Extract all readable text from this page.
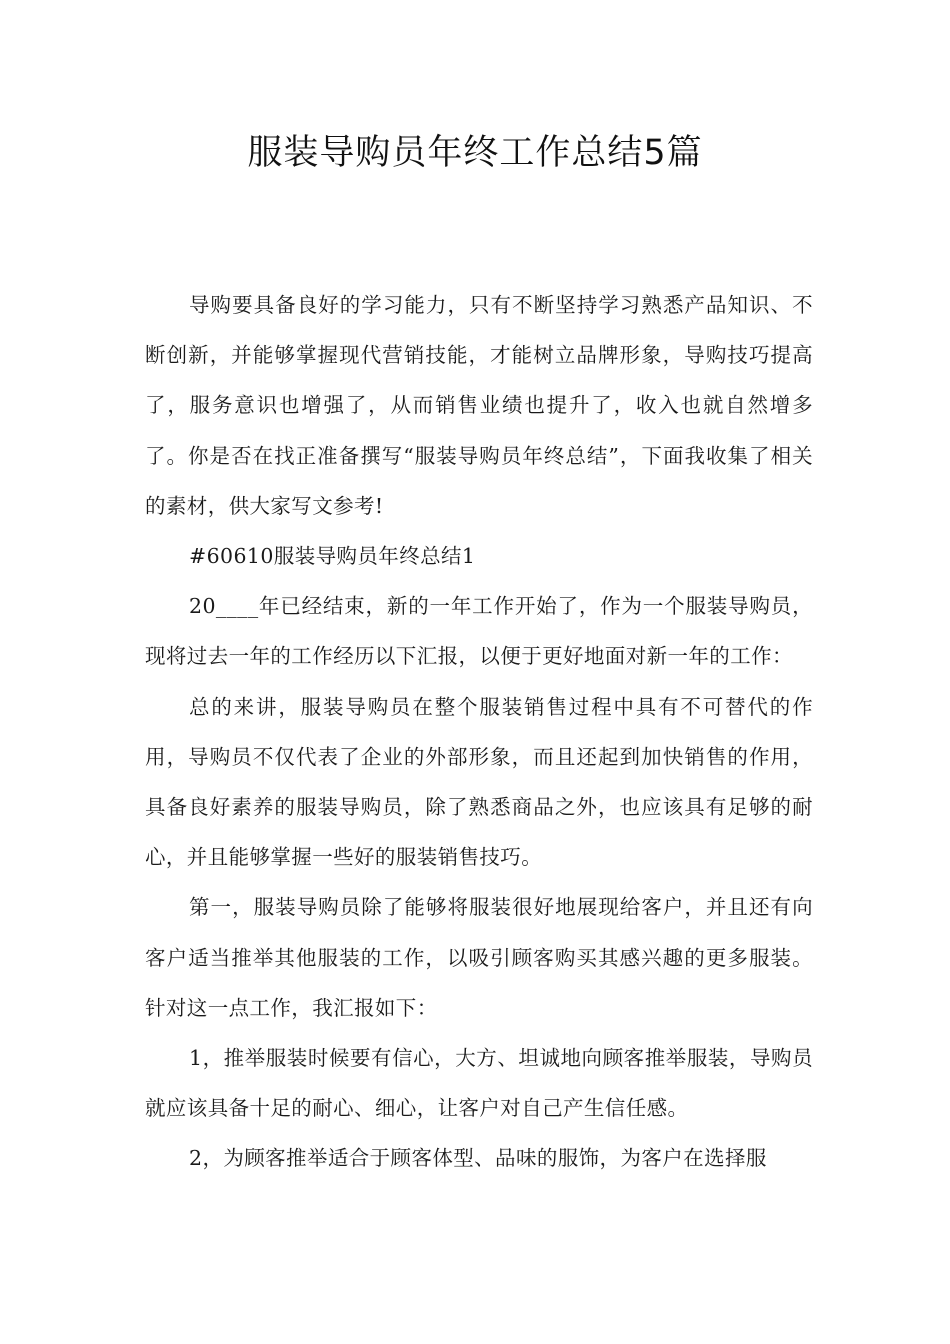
服装导购员年终工作总结5篇

导购要具备良好的学习能力，只有不断坚持学习熟悉产品知识、不断创新，并能够掌握现代营销技能，才能树立品牌形象，导购技巧提高了，服务意识也增强了，从而销售业绩也提升了，收入也就自然增多了。你是否在找正准备撰写“服装导购员年终总结”，下面我收集了相关的素材，供大家写文参考!

#60610服装导购员年终总结1

20____年已经结束，新的一年工作开始了，作为一个服装导购员，现将过去一年的工作经历以下汇报，以便于更好地面对新一年的工作：

总的来讲，服装导购员在整个服装销售过程中具有不可替代的作用，导购员不仅代表了企业的外部形象，而且还起到加快销售的作用，具备良好素养的服装导购员，除了熟悉商品之外，也应该具有足够的耐心，并且能够掌握一些好的服装销售技巧。

第一，服装导购员除了能够将服装很好地展现给客户，并且还有向客户适当推举其他服装的工作，以吸引顾客购买其感兴趣的更多服装。针对这一点工作，我汇报如下：

1，推举服装时候要有信心，大方、坦诚地向顾客推举服装，导购员就应该具备十足的耐心、细心，让客户对自己产生信任感。

2，为顾客推举适合于顾客体型、品味的服饰，为客户在选择服
